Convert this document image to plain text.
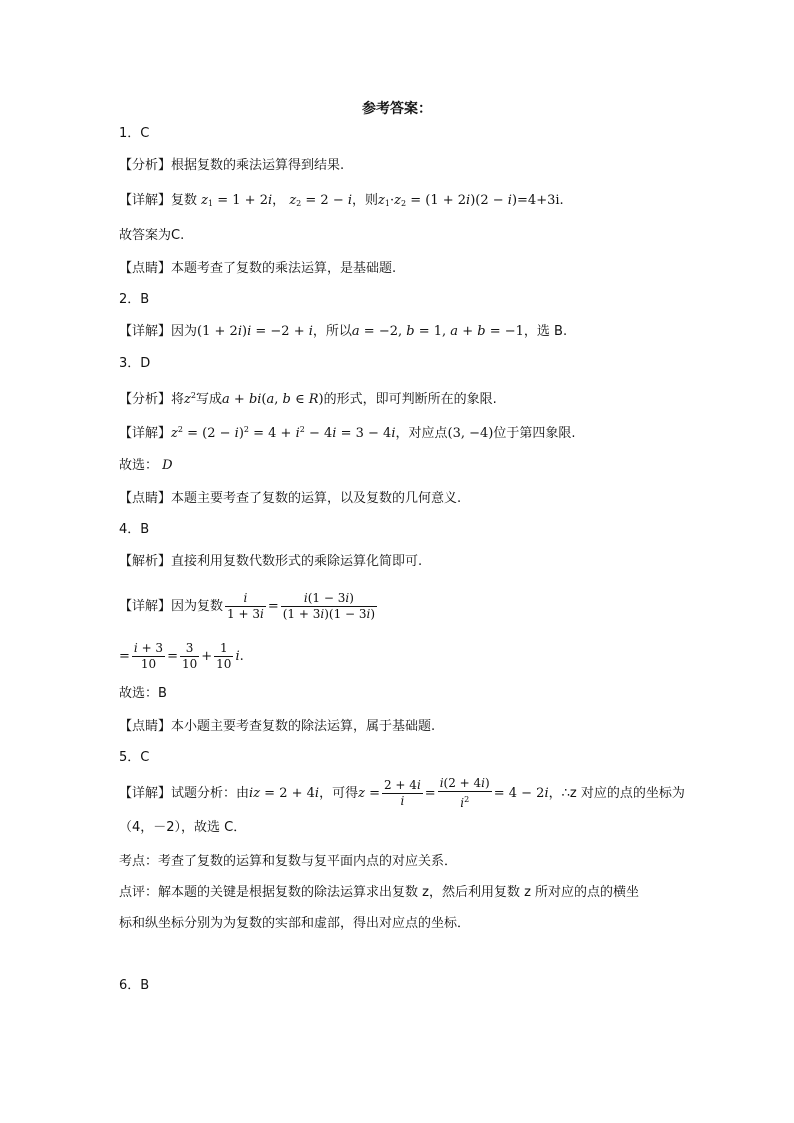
参考答案：
1．C
【分析】根据复数的乘法运算得到结果.
【详解】复数 $z_1 = 1 + 2i$， $z_2 = 2 - i$，则$z_1\cdot z_2 = (1 + 2i)(2 - i)=4+3i$.
故答案为C.
【点睛】本题考查了复数的乘法运算，是基础题.
2．B
【详解】因为(1 + 2i)i = −2 + i，所以a = −2, b = 1, a + b = −1，选 B.
3．D
【分析】将$z^2$写成a + bi(a, b ∈ R)的形式，即可判断所在的象限.
【详解】$z^2 = (2 - i)^2 = 4 + i^2 - 4i = 3 - 4i$，对应点(3, −4)位于第四象限.
故选： D
【点睛】本题主要考查了复数的运算，以及复数的几何意义.
4．B
【解析】直接利用复数代数形式的乘除运算化简即可.
【详解】因为复数 $\frac{i}{1 + 3i} = \frac{i(1 - 3i)}{(1 + 3i)(1 - 3i)}$
= $\frac{i + 3}{10} = \frac{3}{10} + \frac{1}{10} i$.
故选：B
【点睛】本小题主要考查复数的除法运算，属于基础题.
5．C
【详解】试题分析：由iz = 2 + 4i，可得$z = \frac{2 + 4i}{i} = \frac{i(2 + 4i)}{i^2} = 4 - 2i$，∴z 对应的点的坐标为
（4，－2），故选 C．
考点：考查了复数的运算和复数与复平面内点的对应关系．
点评：解本题的关键是根据复数的除法运算求出复数 z，然后利用复数 z 所对应的点的横坐
标和纵坐标分别为为复数的实部和虚部，得出对应点的坐标．
6．B
